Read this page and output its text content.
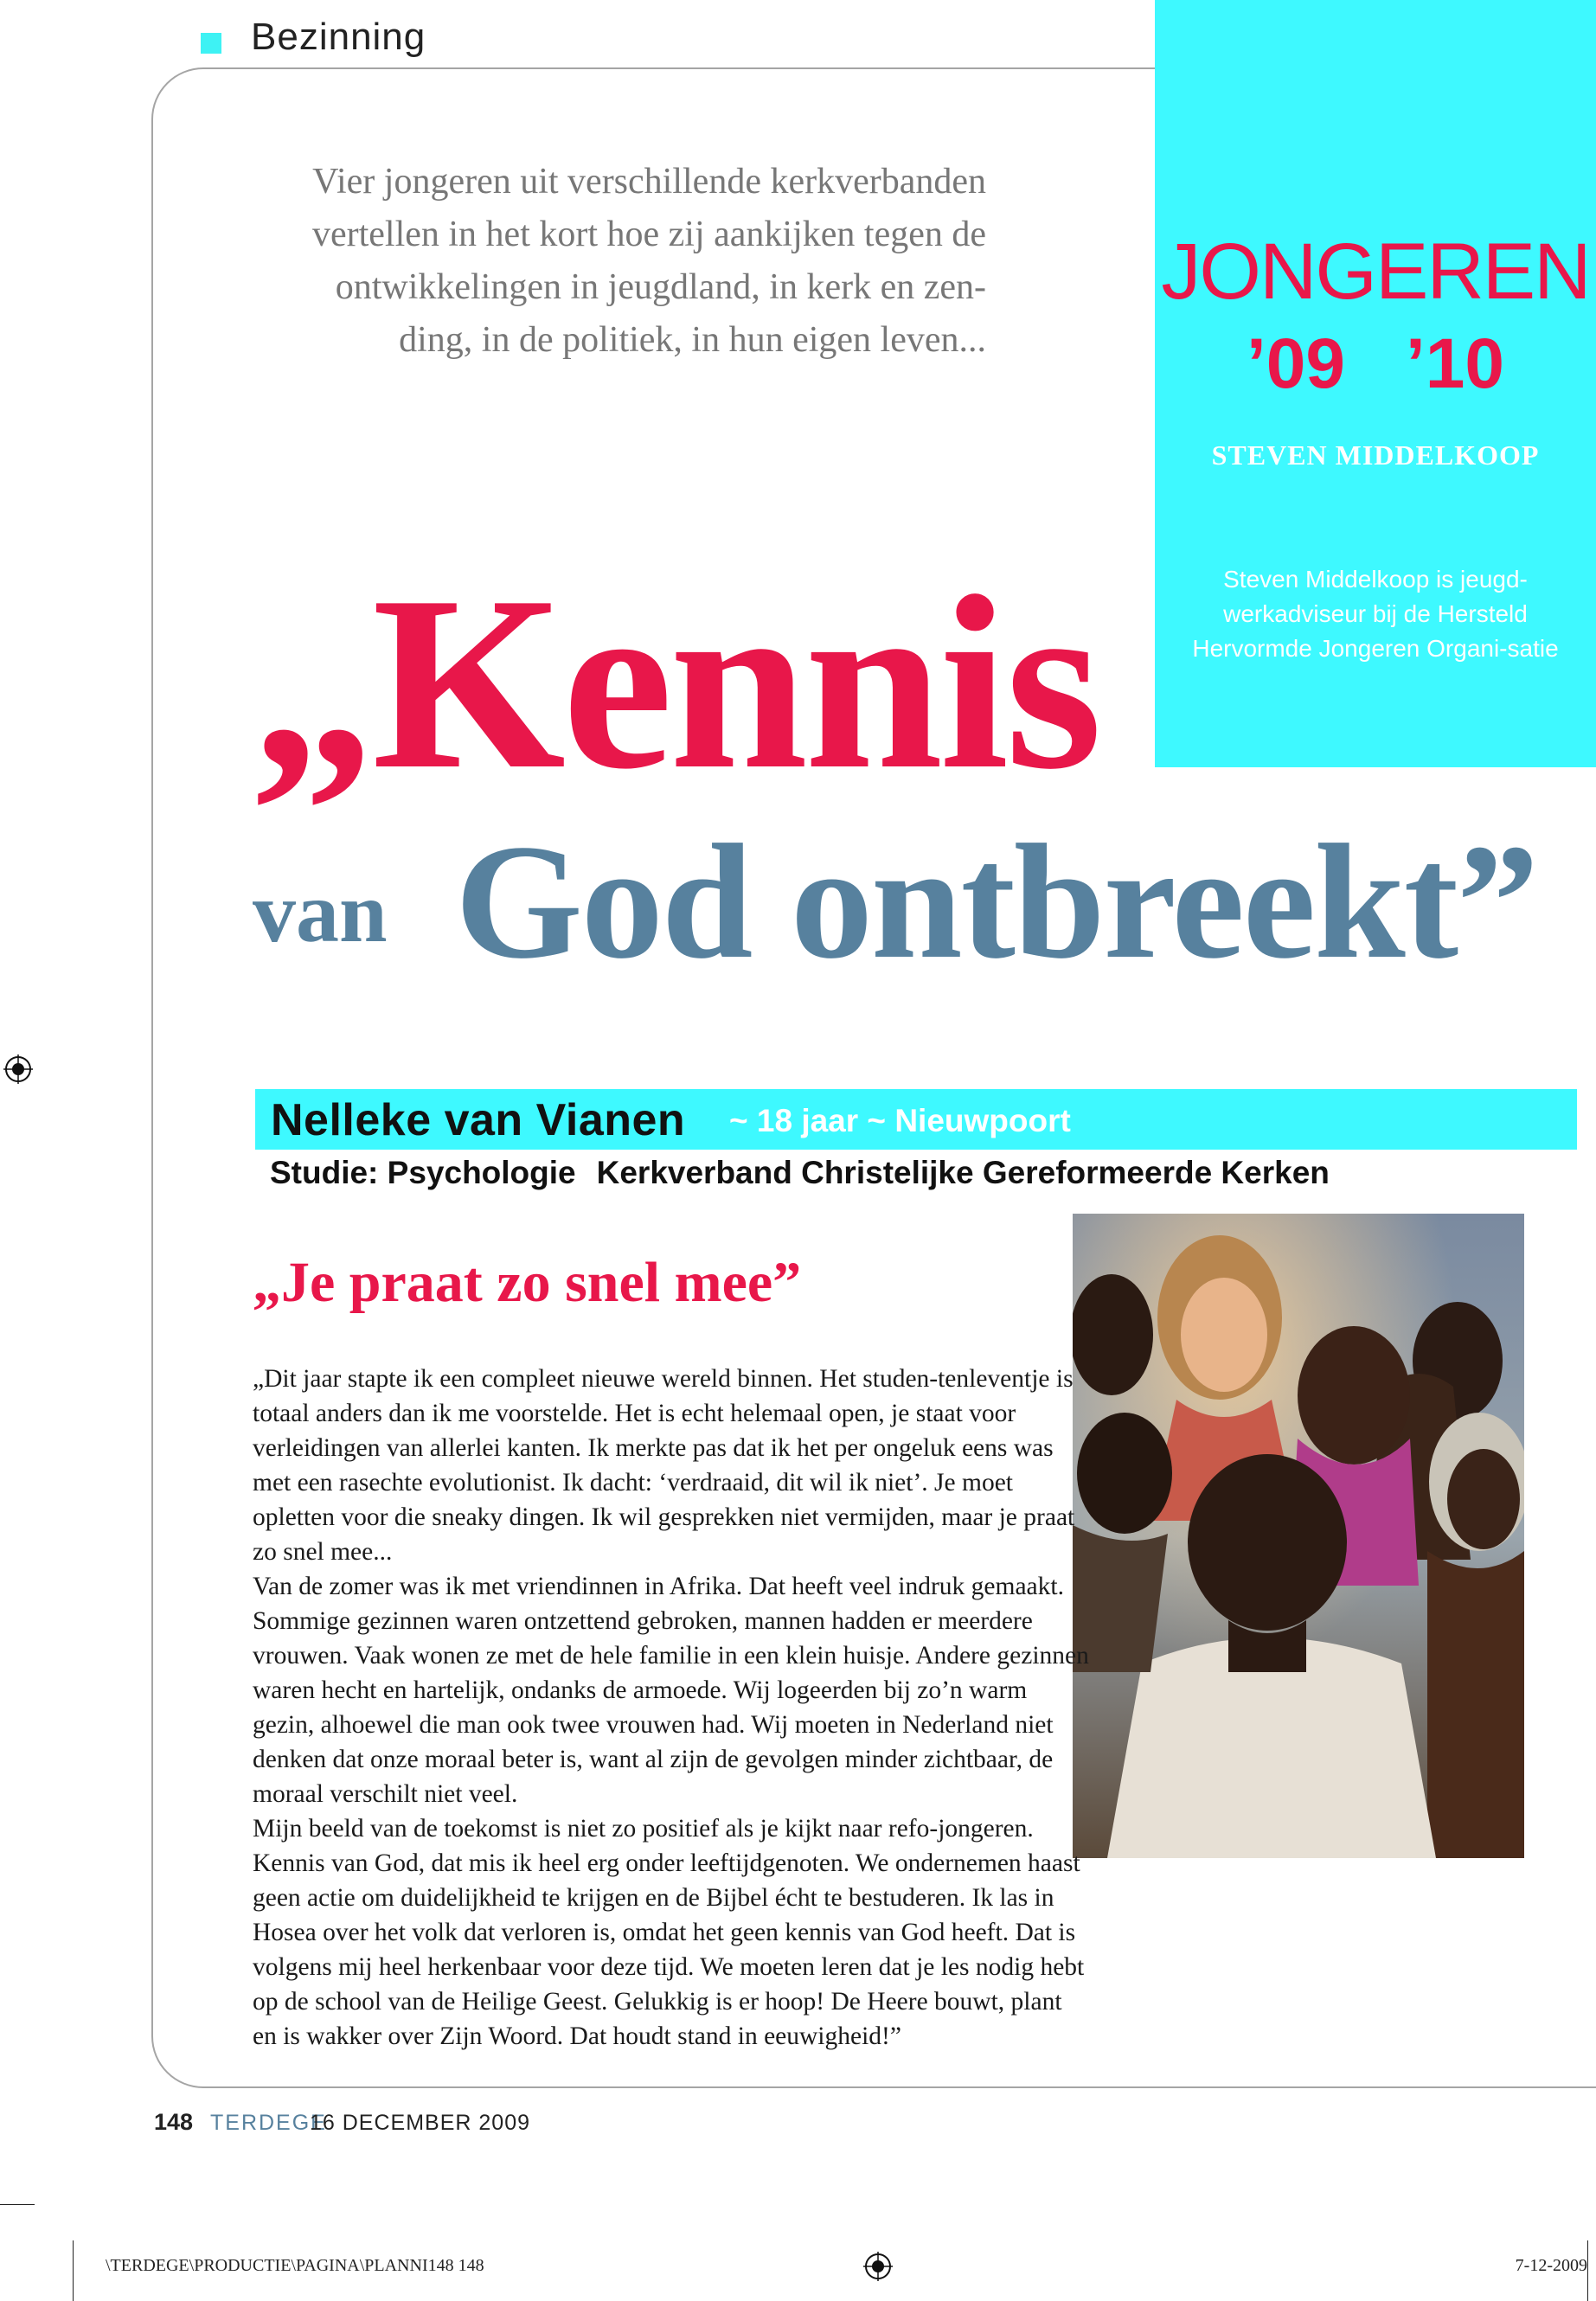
Bezinning
Vier jongeren uit verschillende kerkverbanden vertellen in het kort hoe zij aankijken tegen de ontwikkelingen in jeugdland, in kerk en zen-ding, in de politiek, in hun eigen leven...
JONGEREN
’09 ’10
STEVEN MIDDELKOOP
Steven Middelkoop is jeugd-werkadviseur bij de Hersteld Hervormde Jongeren Organi-satie
„Kennis
van God ontbreekt”
Nelleke van Vianen ~ 18 jaar ~ Nieuwpoort
Studie: Psychologie Kerkverband Christelijke Gereformeerde Kerken
„Je praat zo snel mee”

„Dit jaar stapte ik een compleet nieuwe wereld binnen. Het studen-tenleventje is totaal anders dan ik me voorstelde. Het is echt helemaal open, je staat voor verleidingen van allerlei kanten. Ik merkte pas dat ik het per ongeluk eens was met een rasechte evolutionist. Ik dacht: ‘verdraaid, dit wil ik niet’. Je moet opletten voor die sneaky dingen. Ik wil gesprekken niet vermijden, maar je praat zo snel mee...

Van de zomer was ik met vriendinnen in Afrika. Dat heeft veel indruk gemaakt. Sommige gezinnen waren ontzettend gebroken, mannen hadden er meerdere vrouwen. Vaak wonen ze met de hele familie in een klein huisje. Andere gezinnen waren hecht en hartelijk, ondanks de armoede. Wij logeerden bij zo’n warm gezin, alhoewel die man ook twee vrouwen had. Wij moeten in Nederland niet denken dat onze moraal beter is, want al zijn de gevolgen minder zichtbaar, de moraal verschilt niet veel.

Mijn beeld van de toekomst is niet zo positief als je kijkt naar refo-jongeren. Kennis van God, dat mis ik heel erg onder leeftijdgenoten. We ondernemen haast geen actie om duidelijkheid te krijgen en de Bijbel écht te bestuderen. Ik las in Hosea over het volk dat verloren is, omdat het geen kennis van God heeft. Dat is volgens mij heel herkenbaar voor deze tijd. We moeten leren dat je les nodig hebt op de school van de Heilige Geest. Gelukkig is er hoop! De Heere bouwt, plant en is wakker over Zijn Woord. Dat houdt stand in eeuwigheid!”

148 TERDEGE
16 DECEMBER 2009
\TERDEGE\PRODUCTIE\PAGINA\PLANNI148 148	7-12-2009
